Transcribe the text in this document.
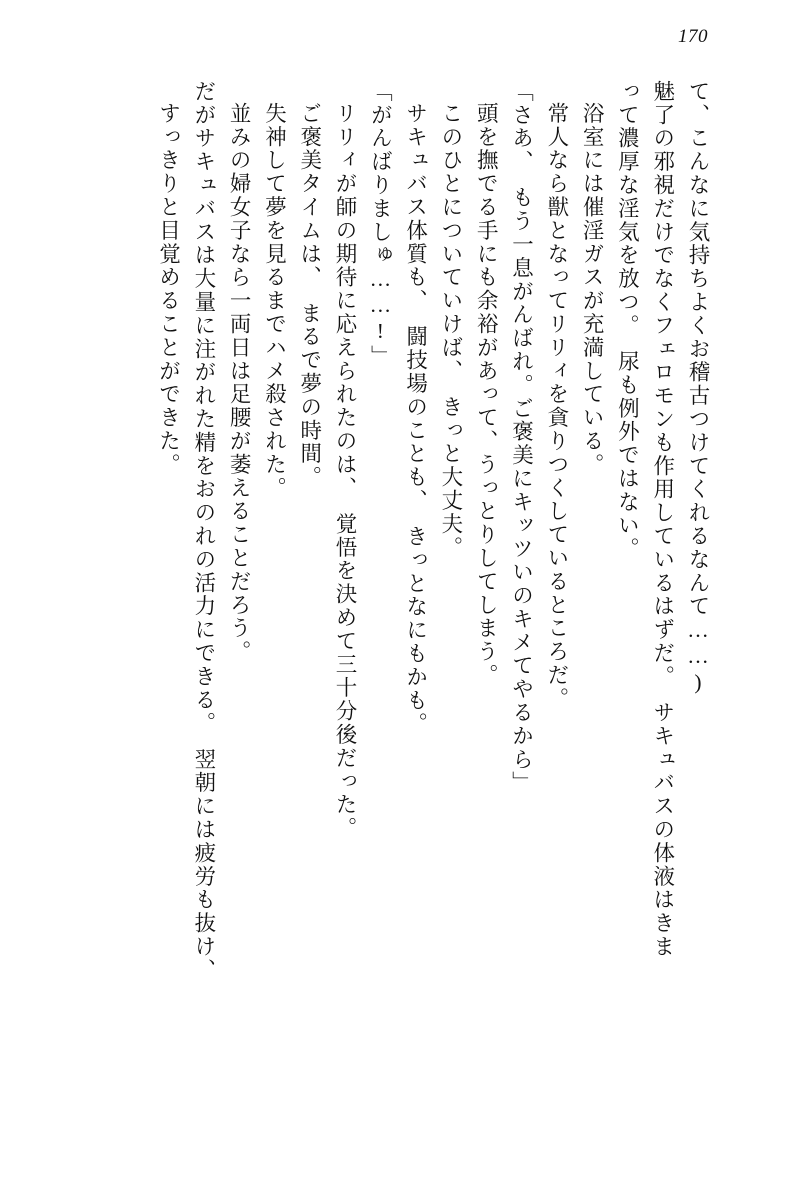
170
て、こんなに気持ちよくお稽古つけてくれるなんて……)
魅了の邪視だけでなくフェロモンも作用しているはずだ。　サキュバスの体液はきま
って濃厚な淫気を放つ。　尿も例外ではない。
浴室には催淫ガスが充満している。
常人なら獣となってリリィを貪りつくしているところだ。
「さあ、　もう一息がんばれ。ご褒美にキッツいのキメてやるから」
頭を撫でる手にも余裕があって、うっとりしてしまう。
このひとについていけば、　きっと大丈夫。
サキュバス体質も、　闘技場のことも、　きっとなにもかも。
「がんばりましゅ……!」
リリィが師の期待に応えられたのは、　覚悟を決めて三十分後だった。
ご褒美タイムは、　まるで夢の時間。
失神して夢を見るまでハメ殺された。
並みの婦女子なら一両日は足腰が萎えることだろう。
だがサキュバスは大量に注がれた精をおのれの活力にできる。　翌朝には疲労も抜け、
すっきりと目覚めることができた。
